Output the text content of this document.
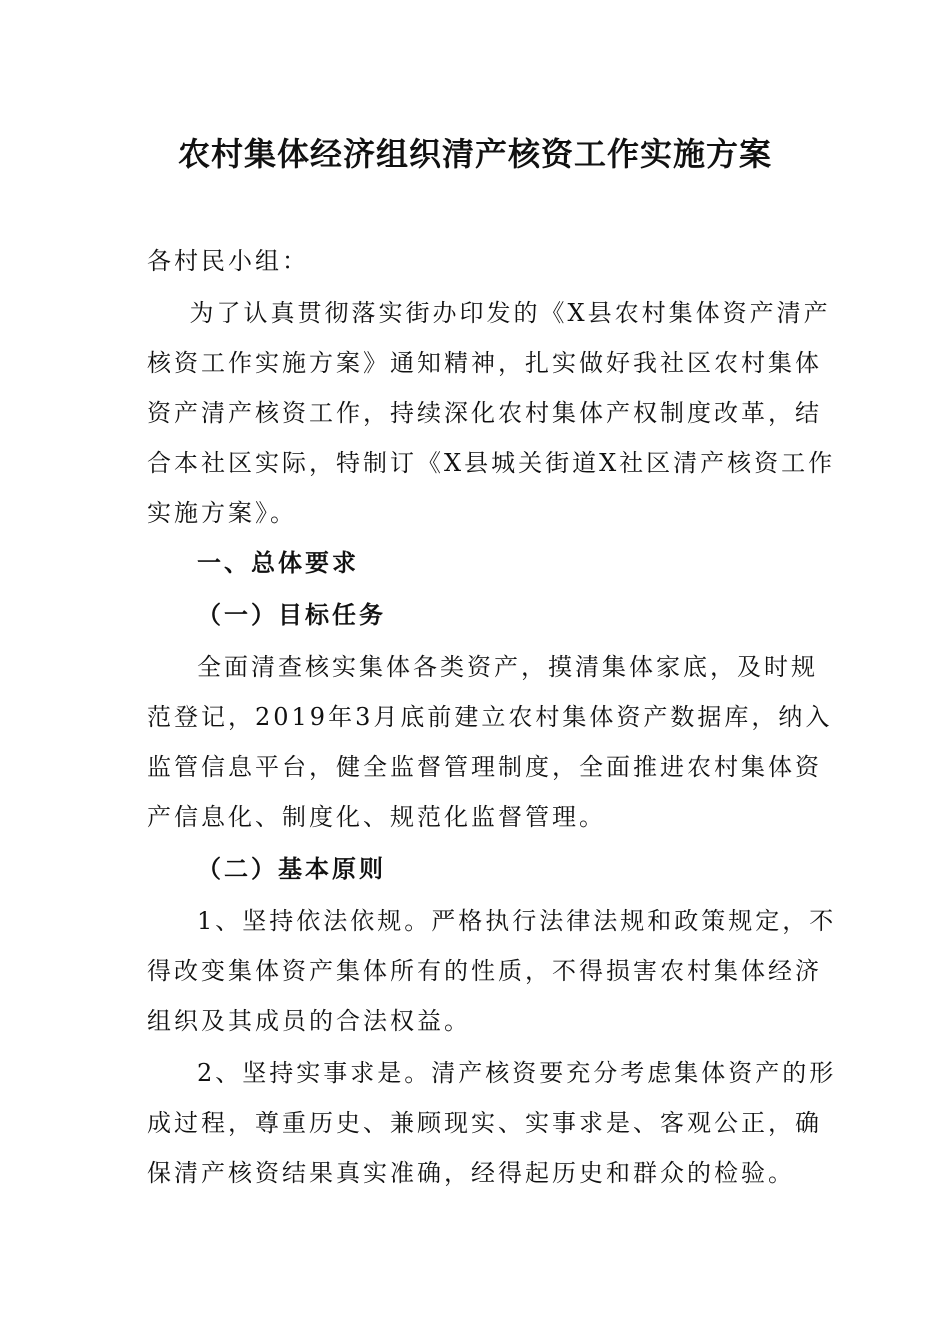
农村集体经济组织清产核资工作实施方案
各村民小组：
为了认真贯彻落实街办印发的《X县农村集体资产清产
核资工作实施方案》通知精神，扎实做好我社区农村集体
资产清产核资工作，持续深化农村集体产权制度改革，结
合本社区实际，特制订《X县城关街道X社区清产核资工作
实施方案》。
一、总体要求
（一）目标任务
全面清查核实集体各类资产，摸清集体家底，及时规
范登记，2019年3月底前建立农村集体资产数据库，纳入
监管信息平台，健全监督管理制度，全面推进农村集体资
产信息化、制度化、规范化监督管理。
（二）基本原则
1、坚持依法依规。严格执行法律法规和政策规定，不
得改变集体资产集体所有的性质，不得损害农村集体经济
组织及其成员的合法权益。
2、坚持实事求是。清产核资要充分考虑集体资产的形
成过程，尊重历史、兼顾现实、实事求是、客观公正，确
保清产核资结果真实准确，经得起历史和群众的检验。
